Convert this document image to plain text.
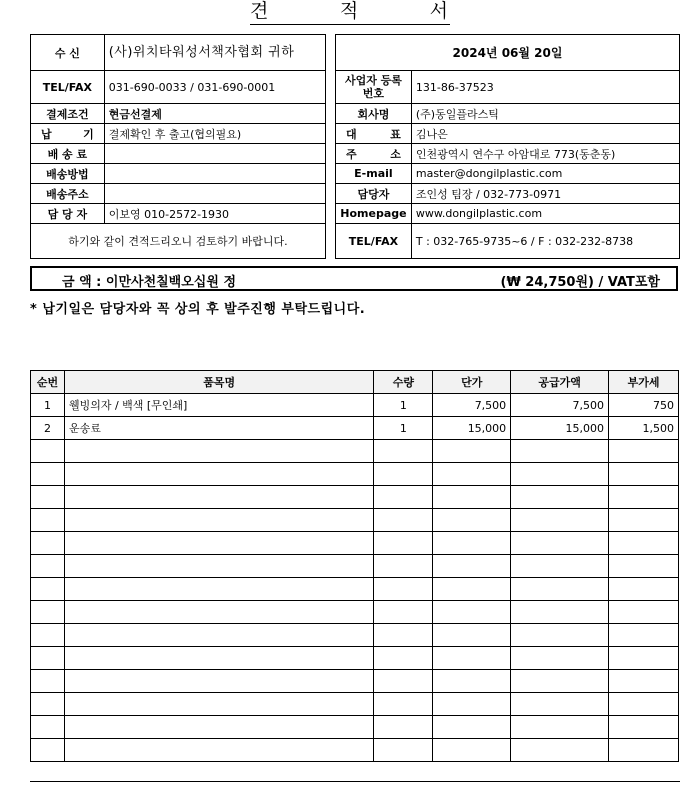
견	적	서
수 신	(사)위치타워성서책자협회 귀하
TEL/FAX	031-690-0033 / 031-690-0001
결제조건	현금선결제
납 기	결제확인 후 출고(협의필요)
배 송 료	
배송방법	
배송주소	
담 당 자	이보영 010-2572-1930
하기와 같이 견적드리오니 검토하기 바랍니다.	
2024년 06월 20일	
사업자 등록번호	131-86-37523
회사명	(주)동일플라스틱
대 표	김나은
주 소	인천광역시 연수구 아암대로 773(동춘동)
E-mail	master@dongilplastic.com
담당자	조인성 팀장 / 032-773-0971
Homepage	www.dongilplastic.com
TEL/FAX	T : 032-765-9735~6 / F : 032-232-8738
금 액 : 이만사천칠백오십원 정	(₩ 24,750원) / VAT포함
* 납기일은 담당자와 꼭 상의 후 발주진행 부탁드립니다.
순번	품목명	수량	단가	공급가액	부가세
1	웰빙의자 / 백색 [무인쇄]	1	7,500	7,500	750
2	운송료	1	15,000	15,000	1,500
